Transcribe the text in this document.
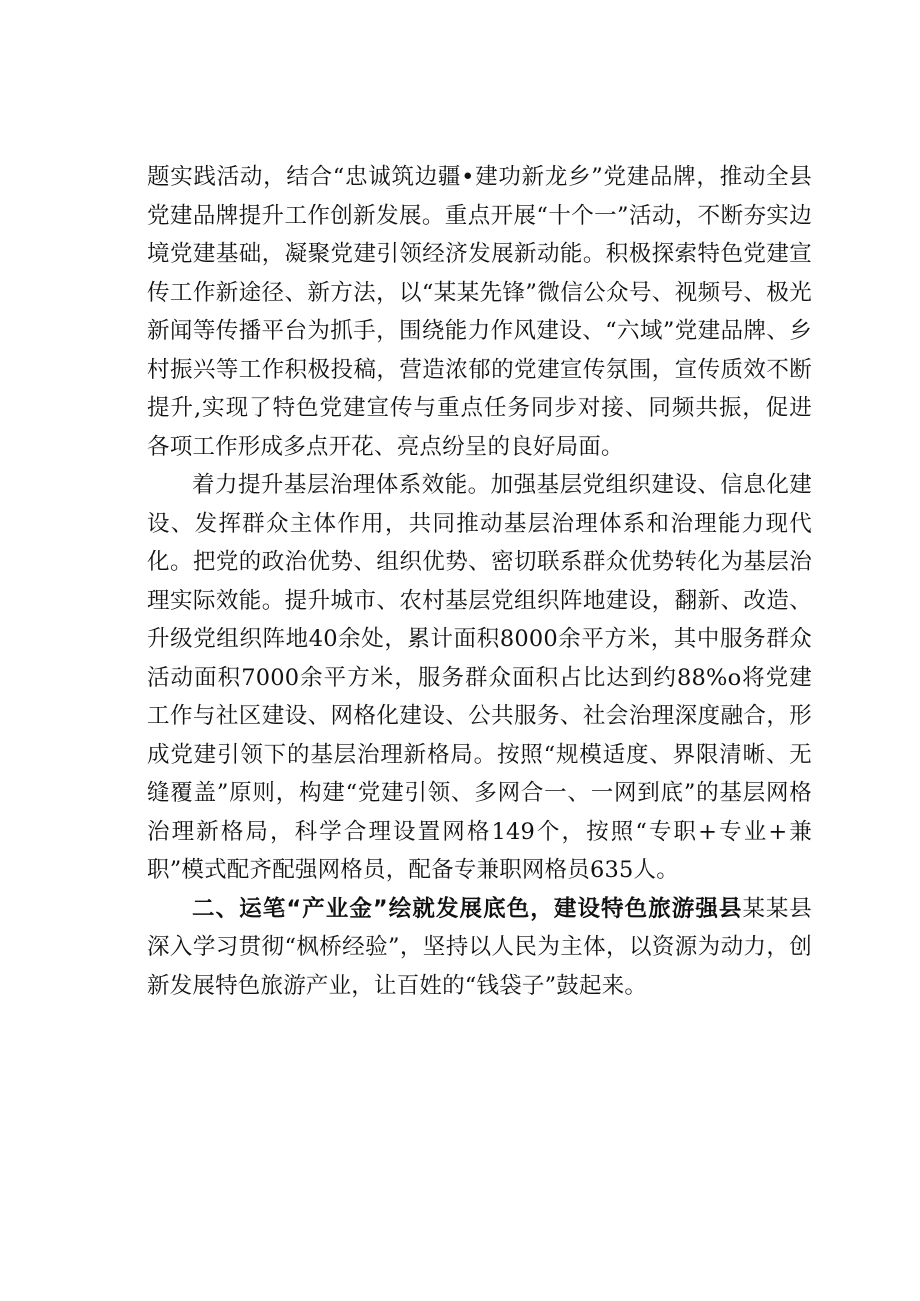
题实践活动，结合“忠诚筑边疆•建功新龙乡”党建品牌，推动全县党建品牌提升工作创新发展。重点开展“十个一”活动，不断夯实边境党建基础，凝聚党建引领经济发展新动能。积极探索特色党建宣传工作新途径、新方法，以“某某先锋”微信公众号、视频号、极光新闻等传播平台为抓手，围绕能力作风建设、“六域”党建品牌、乡村振兴等工作积极投稿，营造浓郁的党建宣传氛围，宣传质效不断提升,实现了特色党建宣传与重点任务同步对接、同频共振，促进各项工作形成多点开花、亮点纷呈的良好局面。

着力提升基层治理体系效能。加强基层党组织建设、信息化建设、发挥群众主体作用，共同推动基层治理体系和治理能力现代化。把党的政治优势、组织优势、密切联系群众优势转化为基层治理实际效能。提升城市、农村基层党组织阵地建设，翻新、改造、升级党组织阵地40余处，累计面积8000余平方米，其中服务群众活动面积7000余平方米，服务群众面积占比达到约88%o将党建工作与社区建设、网格化建设、公共服务、社会治理深度融合，形成党建引领下的基层治理新格局。按照“规模适度、界限清晰、无缝覆盖”原则，构建“党建引领、多网合一、一网到底”的基层网格治理新格局，科学合理设置网格149个，按照“专职+专业+兼职”模式配齐配强网格员，配备专兼职网格员635人。

二、运笔“产业金”绘就发展底色，建设特色旅游强县某某县深入学习贯彻“枫桥经验”，坚持以人民为主体，以资源为动力，创新发展特色旅游产业，让百姓的“钱袋子”鼓起来。
